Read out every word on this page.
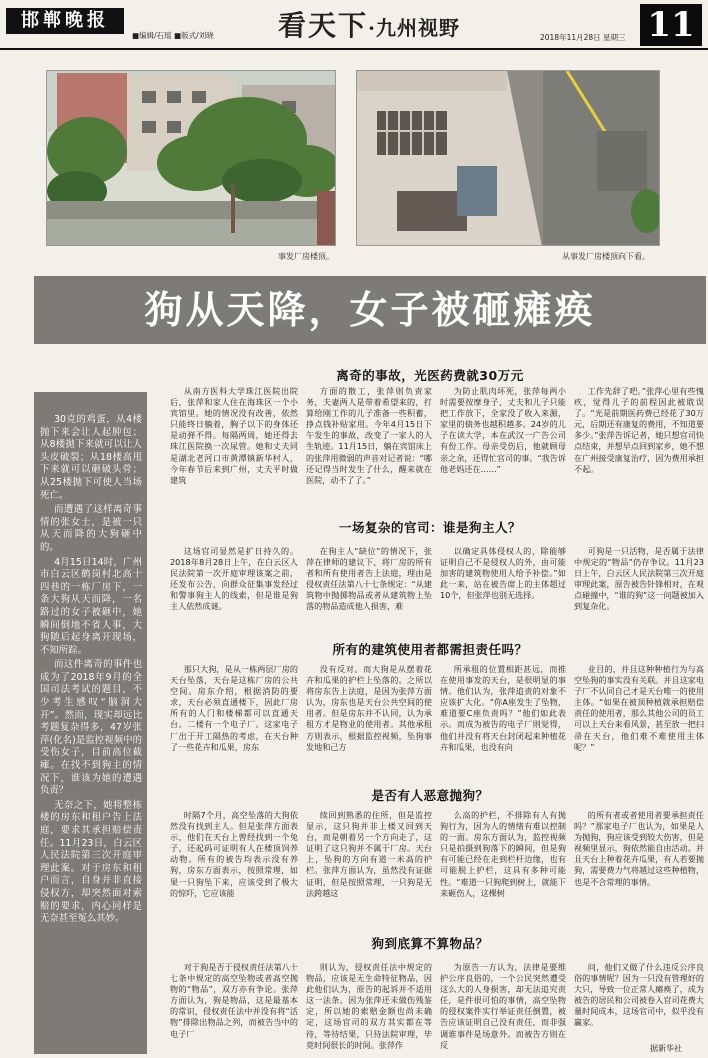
邯郸晚报
■编辑/石瑶 ■版式/刘晓 看天下·九州视野	2018年11月28日 星期三 11
事发厂房楼顶。	从事发厂房楼顶向下看。
狗从天降，女子被砸瘫痪

30克的鸡蛋，从4楼抛下来会让人起肿包；从8楼抛下来就可以让人头皮破裂；从18楼高甩下来就可以砸破头骨；从25楼抛下可使人当场死亡。

而遭遇了这样离奇事情的张女士，是被一只从天而降的大狗砸中的。

4月15日14时，广州市白云区鹤岗村北高十四巷的一栋厂房下，一条大狗从天而降，一名路过的女子被砸中，她瞬间倒地不省人事，大狗随后起身离开现场，不知所踪。

而这件离奇的事件也成为了2018年9月的全国司法考试的题目，不少考生感叹“脑洞大开”。然而，现实却远比考题复杂得多，47岁张萍(化名)是监控视频中的受伤女子，目前高位截瘫。在找不到狗主的情况下，谁该为她的遭遇负责？

无奈之下，她将整栋楼的房东和租户告上法庭，要求其承担赔偿责任。11月23日，白云区人民法院第三次开庭审理此案。对于房东和租户而言，自身并非直接侵权方，却突然面对索赔的要求，内心同样是无奈甚至冤么其妙。

离奇的事故，光医药费就30万元

从南方医科大学珠江医院出院后，张萍和家人住在海珠区一个小宾馆里。她的情况没有改善，依然只能终日躺着，胸子以下的身体还是动弹不得。每隔两周，她还得去珠江医院换一次尿管。她和丈夫同是湖北老河口市黄潭镇新华村人，今年春节后来到广州，丈夫平时做建筑

方面的散工，张萍则负责家务，夫妻两人是带着希望来的，打算给刚工作的儿子准备一些积蓄，挣点钱补贴家用。今年4月15日下午发生的事故，改变了一家人的人生轨迹。11月15日，躺在宾馆床上的张萍用微弱的声音对记者说：“哪还记得当时发生了什么，醒来就在医院，动不了了。”

为防止肌肉坏死，张萍每两小时需要按摩身子，丈夫和儿子只能把工作放下，全家没了收入来源，家里的债务也越积越多。24岁的儿子在读大学，本在武汉一广告公司有份工作。母亲受伤后，他就顾母亲之余，还得忙官司的事。“我告诉他老妈还在……”

工作先辞了吧。”张萍心里有些愧疚，觉得儿子的前程因此被耽误了。“光是前期医药费已经花了30万元，后期还有康复的费用，不知道要多少。”张萍告诉记者，她只想官司快点结束，并想早点回到家乡，她不想在广州接受康复治疗，因为费用承担不起。

一场复杂的官司：谁是狗主人？

这场官司显然是扩日持久的。2018年8月28日上午，在白云区人民法院第一次开庭审理该案之前，还发布公告，向群众征集事发经过和警事狗主人的线索，但是谁是狗主人依然成谜。

在狗主人“缺位”的情况下，张萍在律师的建议下，将厂房的所有者和所有使用者告上法庭，理由是侵权责任法第八十七条规定：“从建筑物中抛掷物品或者从建筑物上坠落的物品造成他人损害，难

以确定具体侵权人的，除能够证明自己不是侵权人的外，由可能加害的建筑物使用人给予补偿。”如此一来，站在被告席上的主体超过10个，但张萍也别无选择。

可狗是一只活物，是否属于法律中规定的“物品”仍存争议。11月23日上午，白云区人民法院第三次开庭审理此案，原告被告针锋相对，在观点碰撞中，“谁的狗”这一问题被加入到复杂化。

所有的建筑使用者都需担责任吗？

那只大狗，是从一栋两层厂房的天台坠落，天台是这栋厂房的公共空间。房东介绍，根据消防的要求，天台必须直通楼下，因此厂房所有的人门和楼梯都可以直通天台。二楼有一个电子厂。这家电子厂出于开工隔热的考虑，在天台种了一些花卉和瓜果，房东

没有反对。而大狗是从摆着花卉和瓜果的护栏上坠落的。之所以将房东告上法庭，是因为张萍方面认为，房东也是天台公共空间的使用者。但是房东并不认同，认为承租方才是物业的使用者。其他承租方则表示，根据监控视频，坠狗事发地和己方

所承租的位置相距甚远，而推在使用事发的天台，是很明显的事情。他们认为，张萍追责的对象不应该扩大化。“你A座发生了坠物，难道要C座负责吗？”他们如此表示。而成为被告的电子厂则觉得，他们并没有将天台封闭起来种植花卉和瓜果，也没有向

业目的，并且这种种植行为与高空坠狗的事实没有关联。并且这家电子厂不认同自己才是天台唯一的使用主体。“如果在被顶种植就承担赔偿责任的使用者，那么其他公司的员工可以上天台来看风景，甚至放一把扫帚在天台，他们难不难使用主体呢？”

是否有人恶意抛狗？

时隔7个月，高空坠落的大狗依然没有找到主人。但是张萍方面表示，他们在天台上曾经找到一个兔子，还起码可证明有人在楼顶饲养动物。所有的被告均表示没有养狗，房东方面表示，按照常理，如果一只狗坠下来，应该受到了极大的惊吓，它应该能

续回到熟悉的住所，但是监控显示，这只狗并非上楼又回到天台，而是朝着另一个方向走了，这证明了这只狗并不属于厂房。天台上，坠狗的方向有道一米高的护栏。张萍方面认为，虽然没有证据证明，但是按照常理，一只狗是无法跨越这

么高的护栏，不排除有人有抛狗行为，因为人的情绪有难以控制的一面。房东方面认为，监控视频只是拍摄到狗落下的瞬间，但是狗有可能已经在走到栏杆边缘，也有可能脱上护栏，这具有多种可能性。“难道一只狗爬到树上，就能下来砸伤人，这棵树

的所有者或者使用者要承担责任吗？”那家电子厂也认为，如果是人为抛狗，狗应该受到较大伤害，但是视频里显示，狗依然能自由活动。并且天台上种着花卉瓜果，有人若要抛狗，需要费力气将越过这些种植物，也是不合常理的事情。

狗到底算不算物品？

对于狗是否于侵权责任法第八十七条中规定的高空坠物或者高空抛物的“物品”，双方亦有争论。张萍方面认为，狗是物品，这是最基本的常识，侵权责任法中并没有将“活物”排除出物品之列，而被告当中的电子厂

则认为，侵权责任法中规定的物品，应该是无生命特征物品，因此他们认为，原告的起诉并不适用这一法条。因为张萍还未做伤残鉴定，所以她的索赔金额也尚未确定，这场官司的双方其实都在等待，等待结果，只待法院审理，毕竟时间很长的时间。张萍作

为原告一方认为，法律是要维护公序良俗的，一个公民突然遭受这么大的人身损害，却无法追究责任，是件很可怕的事情，高空坠物的侵权案件实行举证责任倒置，被告应该证明自己没有责任，而非强调谁事件是场意外。而被告方则在反

问，他们又做了什么违反公序良俗的事情呢？因为一只没有管理好的大只，导致一位正常人瘫痪了，成为被告的居民和公司被卷入官司花费大量时间成本，这场官司中，似乎没有赢家。

据新华社
